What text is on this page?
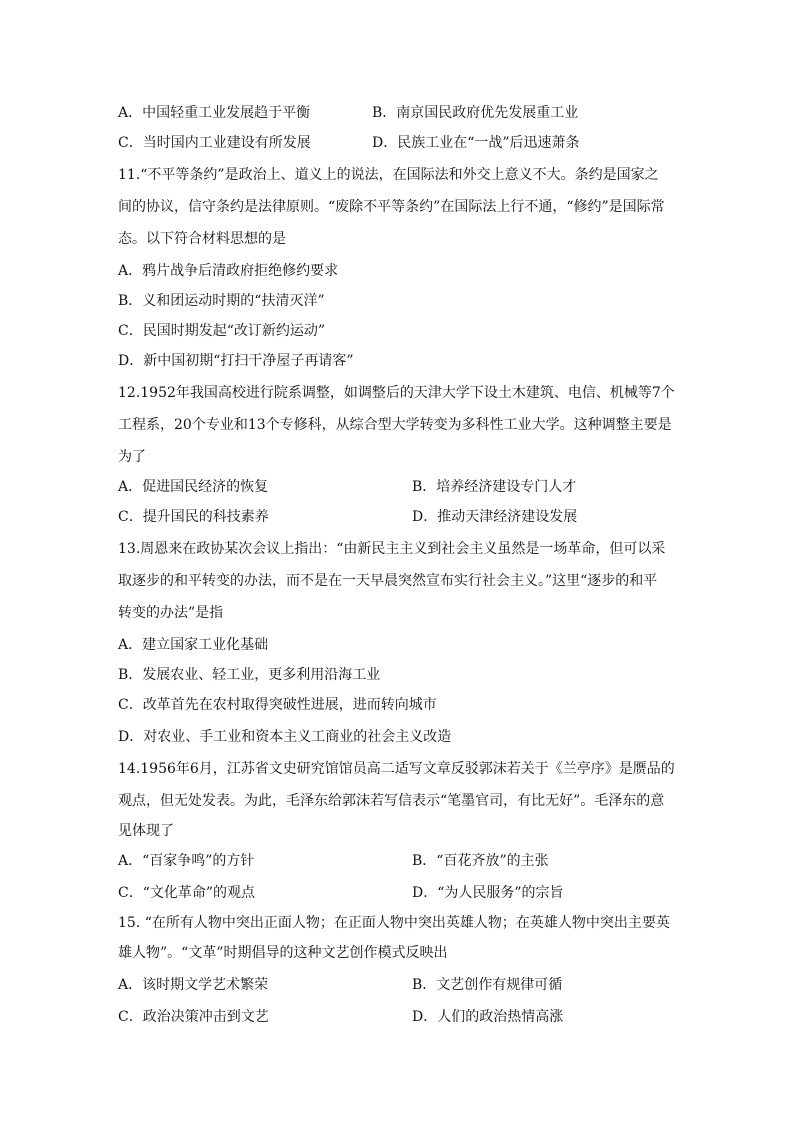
A．中国轻重工业发展趋于平衡	B．南京国民政府优先发展重工业
C．当时国内工业建设有所发展	D．民族工业在“一战”后迅速萧条
11.“不平等条约”是政治上、道义上的说法，在国际法和外交上意义不大。条约是国家之
间的协议，信守条约是法律原则。“废除不平等条约”在国际法上行不通，“修约”是国际常
态。以下符合材料思想的是
A．鸦片战争后清政府拒绝修约要求
B．义和团运动时期的“扶清灭洋”
C．民国时期发起“改订新约运动”
D．新中国初期“打扫干净屋子再请客”
12.1952年我国高校进行院系调整，如调整后的天津大学下设土木建筑、电信、机械等7个
工程系，20个专业和13个专修科，从综合型大学转变为多科性工业大学。这种调整主要是
为了
A．促进国民经济的恢复	B．培养经济建设专门人才
C．提升国民的科技素养	D．推动天津经济建设发展
13.周恩来在政协某次会议上指出：“由新民主主义到社会主义虽然是一场革命，但可以采
取逐步的和平转变的办法，而不是在一天早晨突然宣布实行社会主义。”这里“逐步的和平
转变的办法”是指
A．建立国家工业化基础
B．发展农业、轻工业，更多利用沿海工业
C．改革首先在农村取得突破性进展，进而转向城市
D．对农业、手工业和资本主义工商业的社会主义改造
14.1956年6月，江苏省文史研究馆馆员高二适写文章反驳郭沫若关于《兰亭序》是赝品的
观点，但无处发表。为此，毛泽东给郭沫若写信表示“笔墨官司，有比无好”。毛泽东的意
见体现了
A．“百家争鸣”的方针	B．“百花齐放”的主张
C．“文化革命”的观点	D．“为人民服务”的宗旨
15. “在所有人物中突出正面人物；在正面人物中突出英雄人物；在英雄人物中突出主要英
雄人物”。“文革”时期倡导的这种文艺创作模式反映出
A．该时期文学艺术繁荣	B．文艺创作有规律可循
C．政治决策冲击到文艺	D．人们的政治热情高涨
